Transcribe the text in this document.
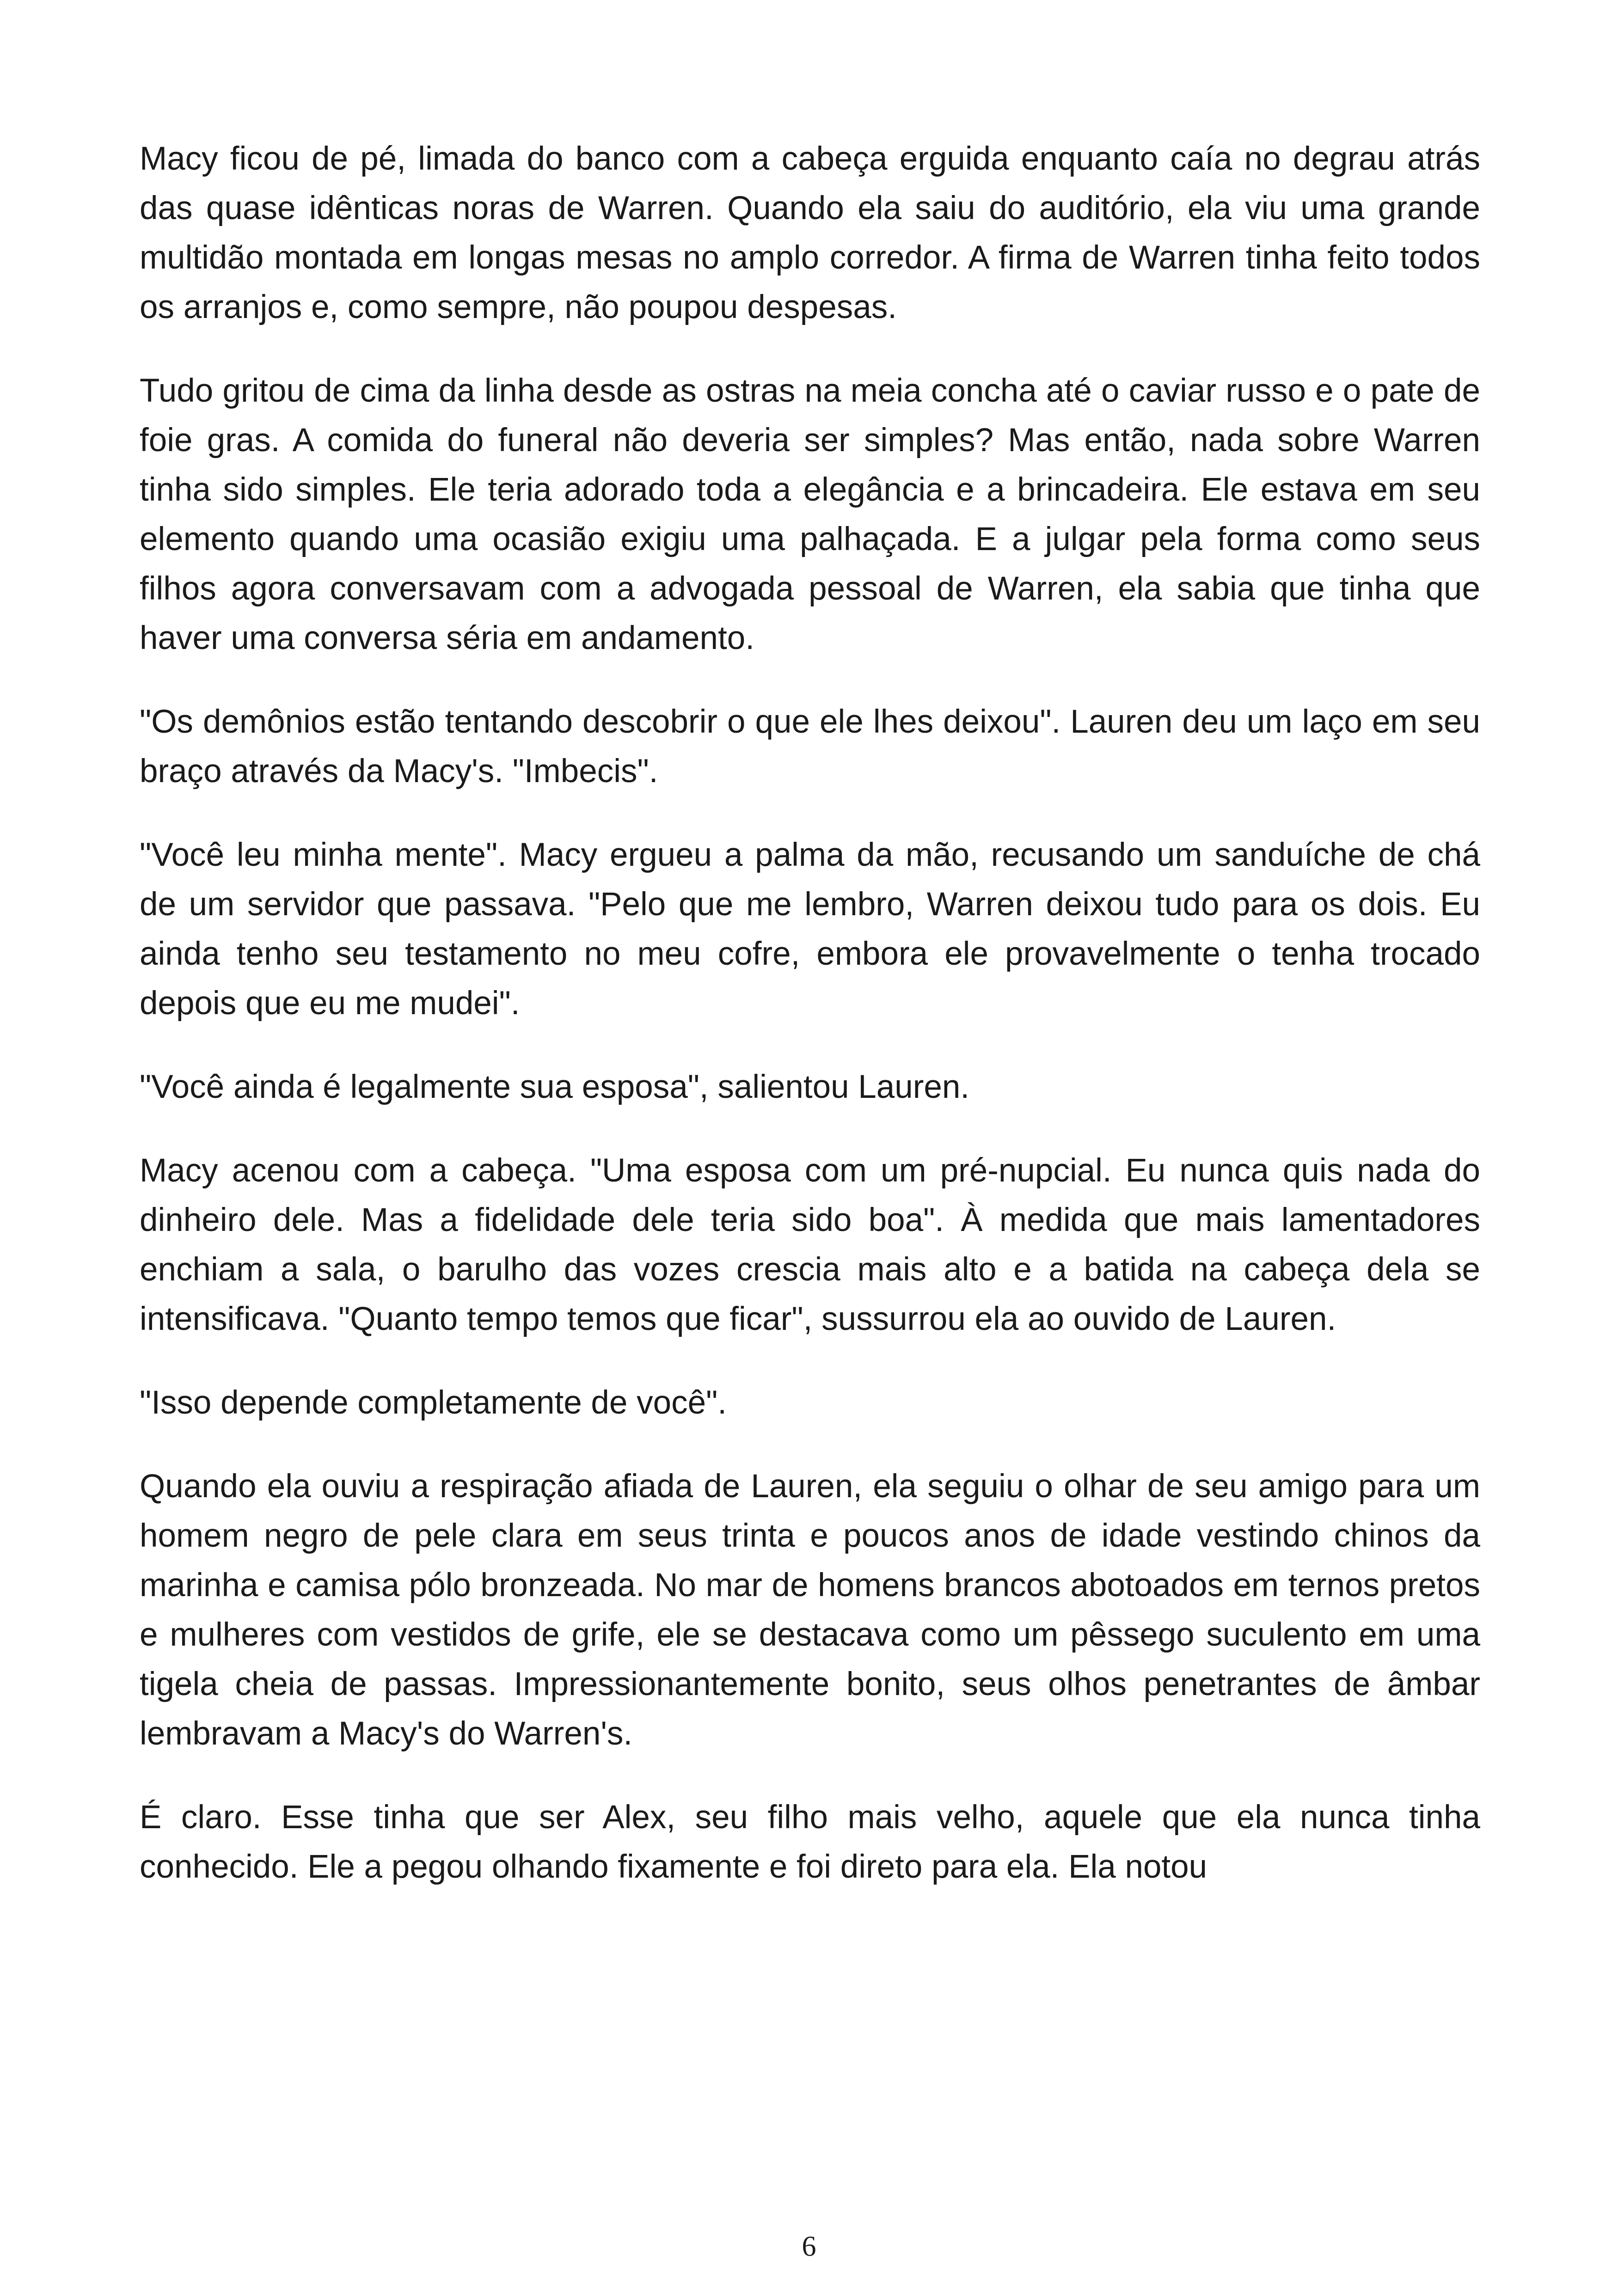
Macy ficou de pé, limada do banco com a cabeça erguida enquanto caía no degrau atrás das quase idênticas noras de Warren. Quando ela saiu do auditório, ela viu uma grande multidão montada em longas mesas no amplo corredor. A firma de Warren tinha feito todos os arranjos e, como sempre, não poupou despesas.

Tudo gritou de cima da linha desde as ostras na meia concha até o caviar russo e o pate de foie gras. A comida do funeral não deveria ser simples? Mas então, nada sobre Warren tinha sido simples. Ele teria adorado toda a elegância e a brincadeira. Ele estava em seu elemento quando uma ocasião exigiu uma palhaçada. E a julgar pela forma como seus filhos agora conversavam com a advogada pessoal de Warren, ela sabia que tinha que haver uma conversa séria em andamento.

"Os demônios estão tentando descobrir o que ele lhes deixou". Lauren deu um laço em seu braço através da Macy's. "Imbecis".

"Você leu minha mente". Macy ergueu a palma da mão, recusando um sanduíche de chá de um servidor que passava. "Pelo que me lembro, Warren deixou tudo para os dois. Eu ainda tenho seu testamento no meu cofre, embora ele provavelmente o tenha trocado depois que eu me mudei".

"Você ainda é legalmente sua esposa", salientou Lauren.

Macy acenou com a cabeça. "Uma esposa com um pré-nupcial. Eu nunca quis nada do dinheiro dele. Mas a fidelidade dele teria sido boa". À medida que mais lamentadores enchiam a sala, o barulho das vozes crescia mais alto e a batida na cabeça dela se intensificava. "Quanto tempo temos que ficar", sussurrou ela ao ouvido de Lauren.

"Isso depende completamente de você".

Quando ela ouviu a respiração afiada de Lauren, ela seguiu o olhar de seu amigo para um homem negro de pele clara em seus trinta e poucos anos de idade vestindo chinos da marinha e camisa pólo bronzeada. No mar de homens brancos abotoados em ternos pretos e mulheres com vestidos de grife, ele se destacava como um pêssego suculento em uma tigela cheia de passas. Impressionantemente bonito, seus olhos penetrantes de âmbar lembravam a Macy's do Warren's.

É claro. Esse tinha que ser Alex, seu filho mais velho, aquele que ela nunca tinha conhecido. Ele a pegou olhando fixamente e foi direto para ela. Ela notou

6
